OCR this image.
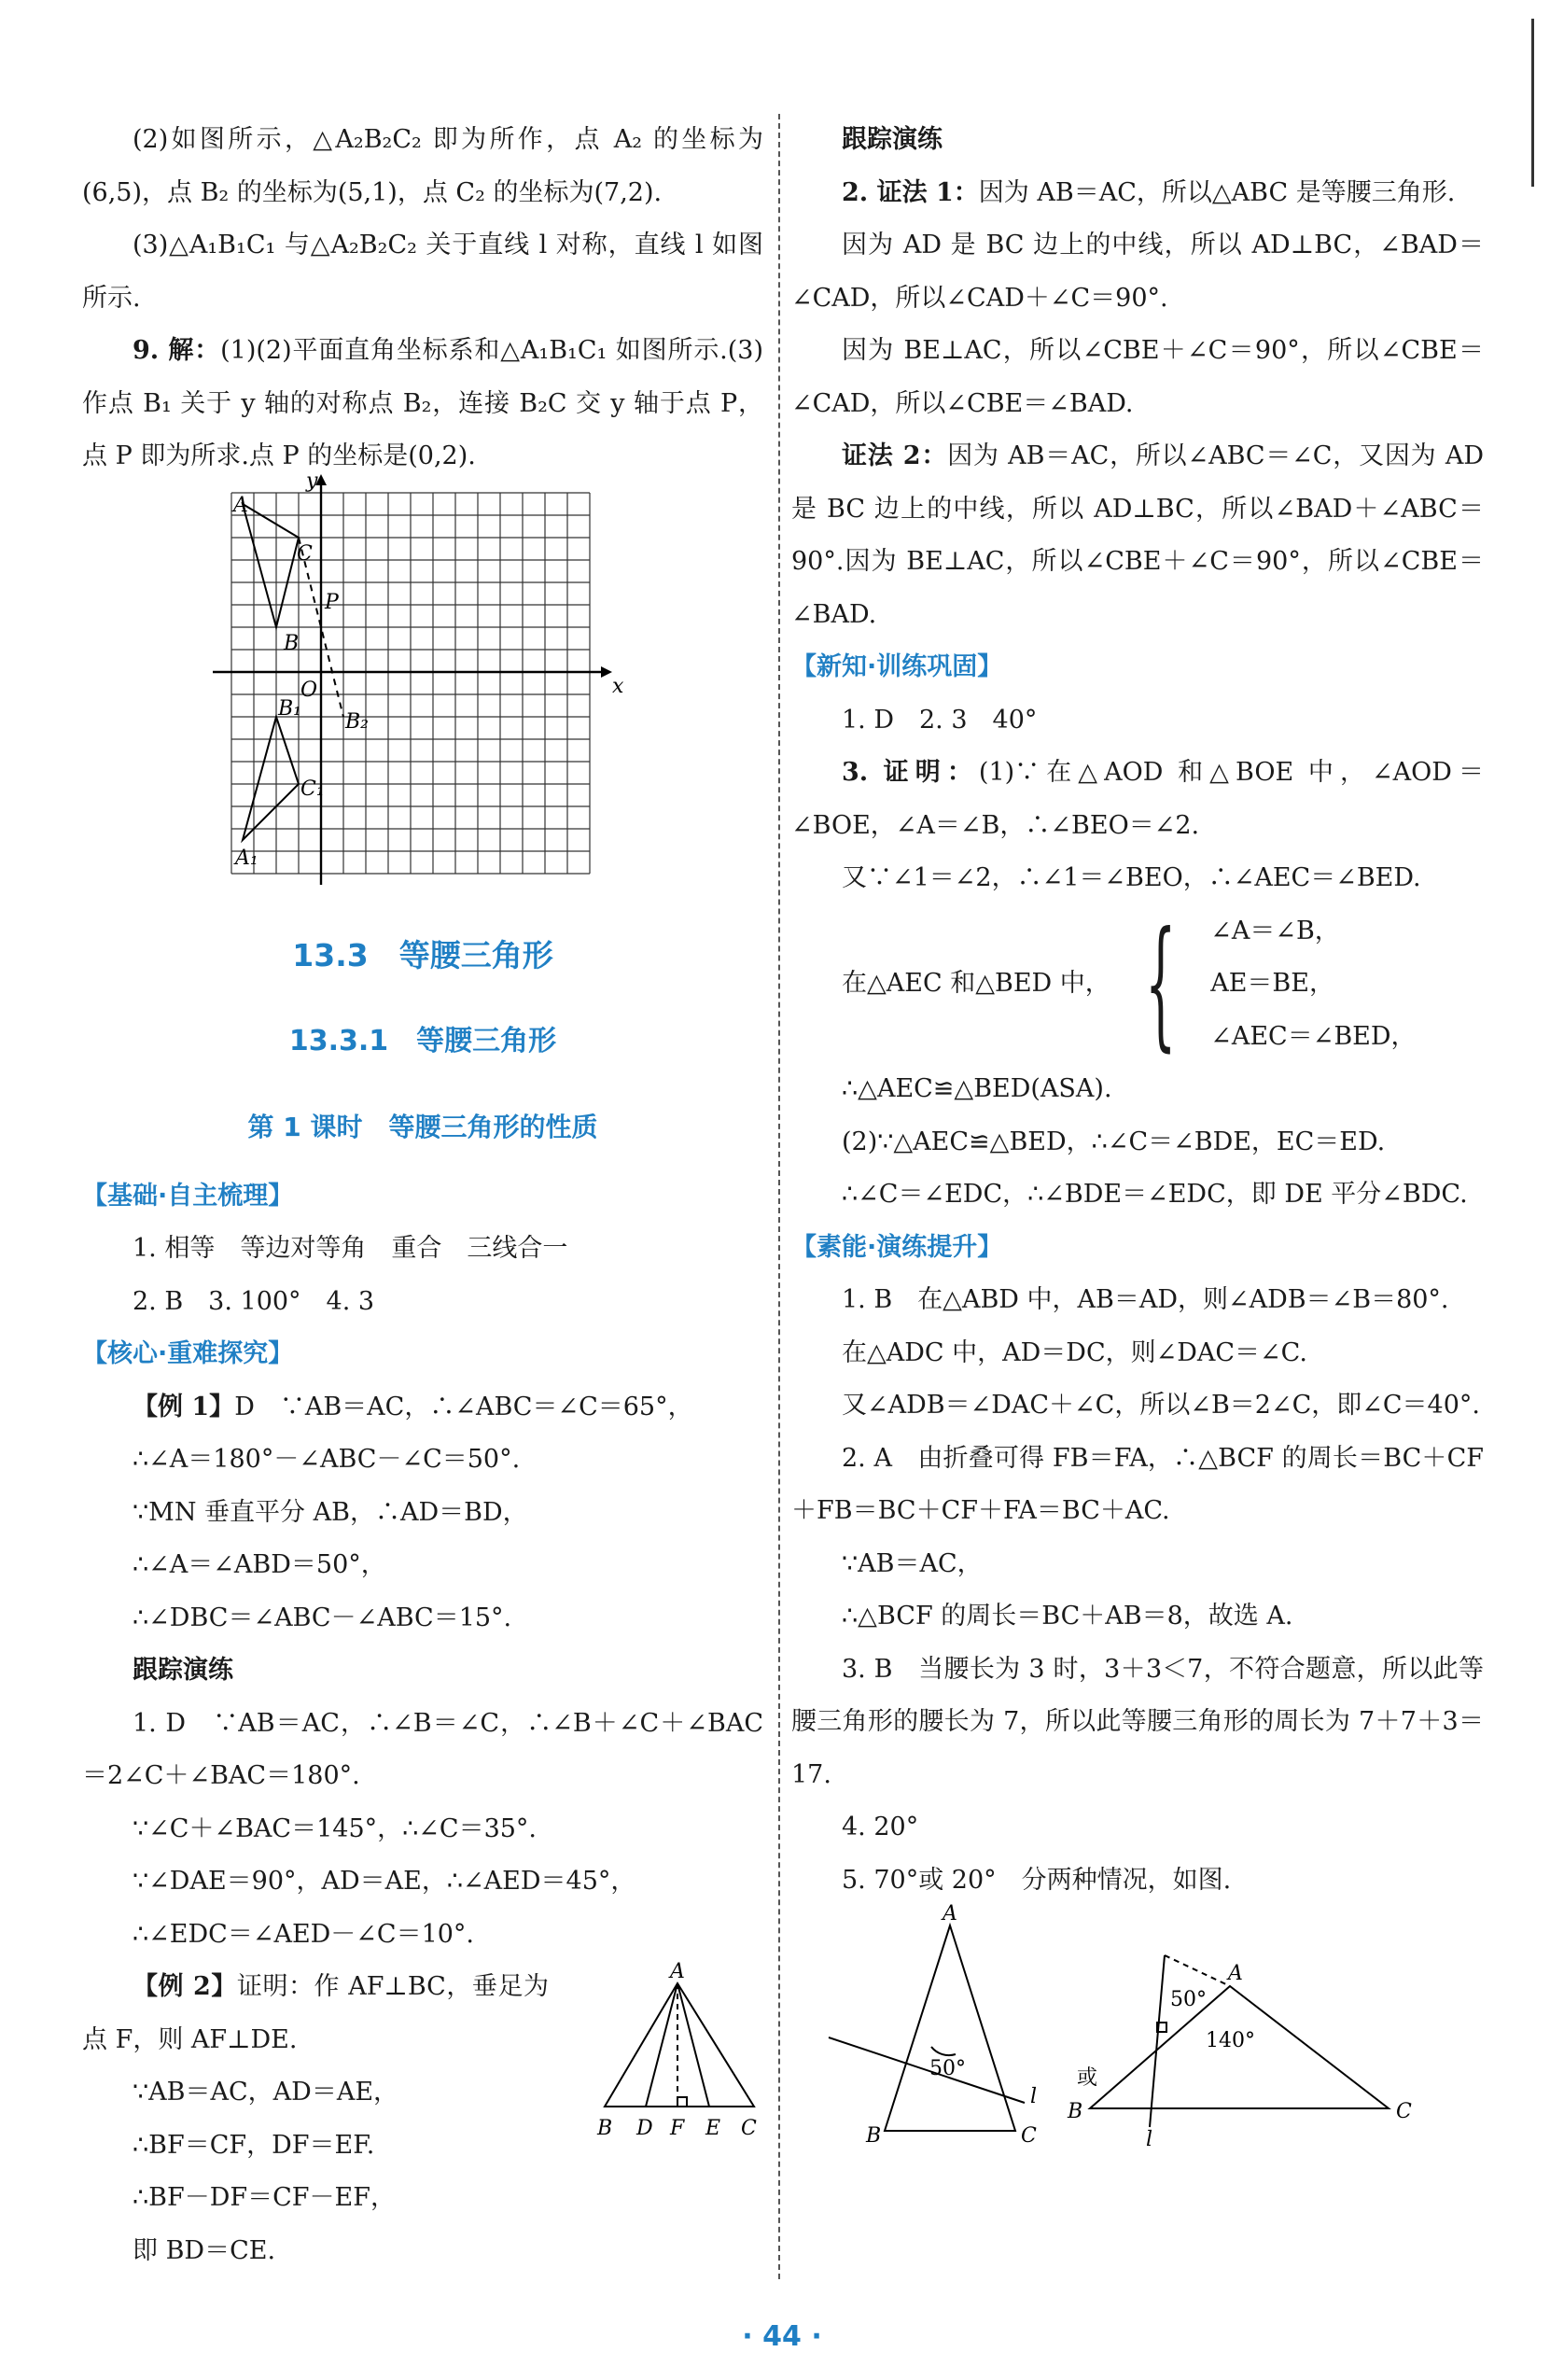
(2)如图所示，△A₂B₂C₂ 即为所作，点 A₂ 的坐标为(6,5)，点 B₂ 的坐标为(5,1)，点 C₂ 的坐标为(7,2).

(3)△A₁B₁C₁ 与△A₂B₂C₂ 关于直线 l 对称，直线 l 如图所示.

9. 解：(1)(2)平面直角坐标系和△A₁B₁C₁ 如图所示.(3)作点 B₁ 关于 y 轴的对称点 B₂，连接 B₂C 交 y 轴于点 P，点 P 即为所求.点 P 的坐标是(0,2).

y
x
O
A
B
C
P
B₂
B₁
C₁
A₁

13.3　等腰三角形

13.3.1　等腰三角形

第 1 课时　等腰三角形的性质

【基础·自主梳理】

1. 相等　等边对等角　重合　三线合一

2. B　3. 100°　4. 3

【核心·重难探究】

【例 1】D　∵AB＝AC，∴∠ABC＝∠C＝65°，

∴∠A＝180°－∠ABC－∠C＝50°.

∵MN 垂直平分 AB，∴AD＝BD，

∴∠A＝∠ABD＝50°，

∴∠DBC＝∠ABC－∠ABC＝15°.

跟踪演练

1. D　∵AB＝AC，∴∠B＝∠C，∴∠B＋∠C＋∠BAC＝2∠C＋∠BAC＝180°.

∵∠C＋∠BAC＝145°，∴∠C＝35°.

∵∠DAE＝90°，AD＝AE，∴∠AED＝45°，

∴∠EDC＝∠AED－∠C＝10°.

【例 2】证明：作 AF⊥BC，垂足为点 F，则 AF⊥DE.

∵AB＝AC，AD＝AE，

∴BF＝CF，DF＝EF.

∴BF－DF＝CF－EF，

即 BD＝CE.

A
B D F E C

跟踪演练

2. 证法 1：因为 AB＝AC，所以△ABC 是等腰三角形.

因为 AD 是 BC 边上的中线，所以 AD⊥BC，∠BAD＝∠CAD，所以∠CAD＋∠C＝90°.

因为 BE⊥AC，所以∠CBE＋∠C＝90°，所以∠CBE＝∠CAD，所以∠CBE＝∠BAD.

证法 2：因为 AB＝AC，所以∠ABC＝∠C，又因为 AD 是 BC 边上的中线，所以 AD⊥BC，所以∠BAD＋∠ABC＝90°.因为 BE⊥AC，所以∠CBE＋∠C＝90°，所以∠CBE＝∠BAD.

【新知·训练巩固】

1. D　2. 3　40°

3. 证明：(1)∵在△AOD 和△BOE 中，∠AOD＝∠BOE，∠A＝∠B，∴∠BEO＝∠2.

又∵∠1＝∠2，∴∠1＝∠BEO，∴∠AEC＝∠BED.

在△AEC 和△BED 中， { ∠A＝∠B，
AE＝BE，
∠AEC＝∠BED，

∴△AEC≌△BED(ASA).

(2)∵△AEC≌△BED，∴∠C＝∠BDE，EC＝ED.

∴∠C＝∠EDC，∴∠BDE＝∠EDC，即 DE 平分∠BDC.

【素能·演练提升】

1. B　在△ABD 中，AB＝AD，则∠ADB＝∠B＝80°.

在△ADC 中，AD＝DC，则∠DAC＝∠C.

又∠ADB＝∠DAC＋∠C，所以∠B＝2∠C，即∠C＝40°.

2. A　由折叠可得 FB＝FA，∴△BCF 的周长＝BC＋CF＋FB＝BC＋CF＋FA＝BC＋AC.

∵AB＝AC，

∴△BCF 的周长＝BC＋AB＝8，故选 A.

3. B　当腰长为 3 时，3＋3＜7，不符合题意，所以此等腰三角形的腰长为 7，所以此等腰三角形的周长为 7＋7＋3＝17.

4. 20°

5. 70°或 20°　分两种情况，如图.

A
B	C
50°
l
或
A
B	C
50°
140°
l
· 44 ·
